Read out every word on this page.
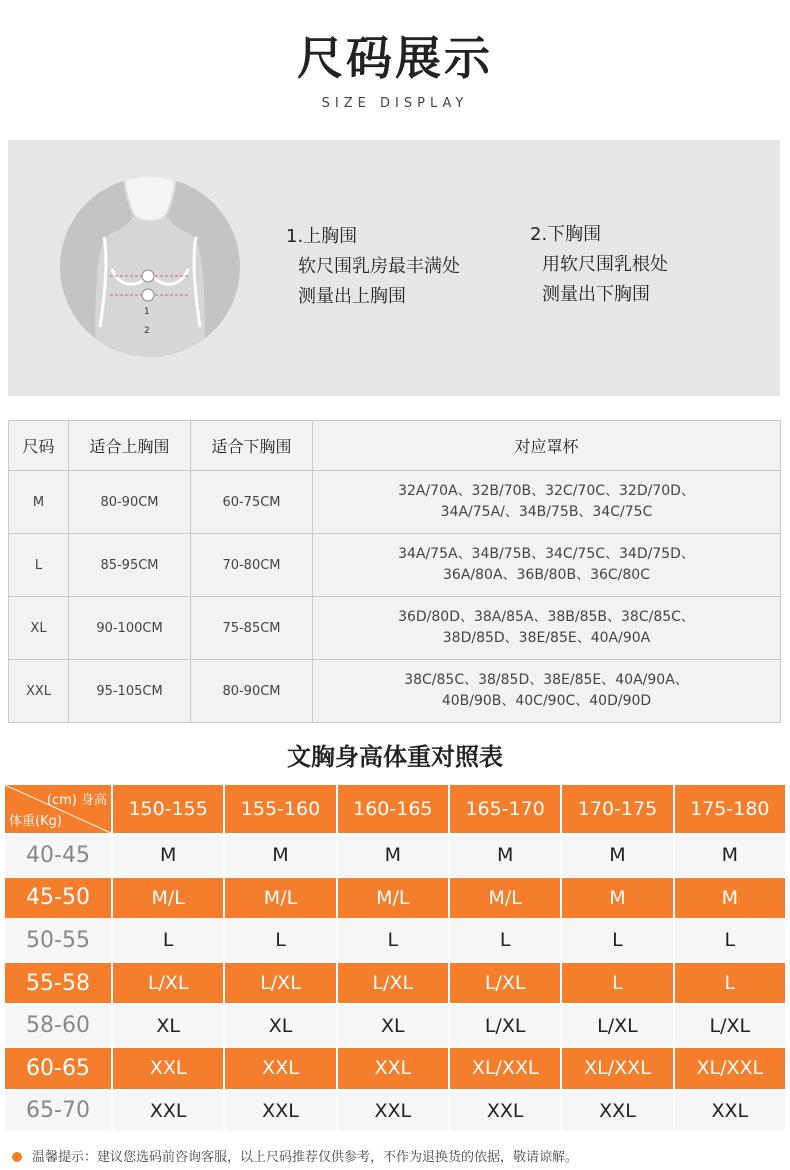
尺码展示
SIZE DISPLAY
1
2
1.上胸围
软尺围乳房最丰满处
测量出上胸围
2.下胸围
用软尺围乳根处
测量出下胸围
尺码	适合上胸围	适合下胸围	对应罩杯
M	80-90CM	60-75CM	32A/70A、32B/70B、32C/70C、32D/70D、
34A/75A/、34B/75B、34C/75C

L	85-95CM	70-80CM	34A/75A、34B/75B、34C/75C、34D/75D、
36A/80A、36B/80B、36C/80C

XL	90-100CM	75-85CM	36D/80D、38A/85A、38B/85B、38C/85C、
38D/85D、38E/85E、40A/90A

XXL	95-105CM	80-90CM	38C/85C、38/85D、38E/85E、40A/90A、
40B/90B、40C/90C、40D/90D
文胸身高体重对照表
(cm) 身高
体重(Kg)	150-155	155-160	160-165	165-170	170-175	175-180
40-45	M	M	M	M	M	M
45-50	M/L	M/L	M/L	M/L	M	M
50-55	L	L	L	L	L	L
55-58	L/XL	L/XL	L/XL	L/XL	L	L
58-60	XL	XL	XL	L/XL	L/XL	L/XL
60-65	XXL	XXL	XXL	XL/XXL	XL/XXL	XL/XXL
65-70	XXL	XXL	XXL	XXL	XXL	XXL
温馨提示：建议您选码前咨询客服，以上尺码推荐仅供参考，不作为退换货的依据，敬请谅解。
